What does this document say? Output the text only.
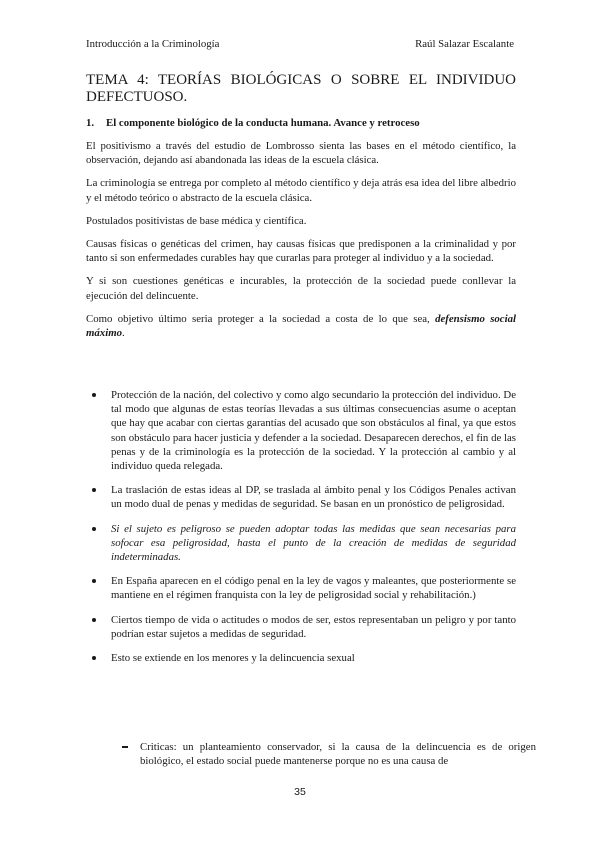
Introducción a la Criminología	Raúl Salazar Escalante
TEMA 4: TEORÍAS BIOLÓGICAS O SOBRE EL INDIVIDUO DEFECTUOSO.
1. El componente biológico de la conducta humana. Avance y retroceso

El positivismo a través del estudio de Lombrosso sienta las bases en el método científico, la observación, dejando así abandonada las ideas de la escuela clásica.

La criminología se entrega por completo al método científico y deja atrás esa idea del libre albedrio y el método teórico o abstracto de la escuela clásica.

Postulados positivistas de base médica y científica.

Causas físicas o genéticas del crimen, hay causas físicas que predisponen a la criminalidad y por tanto si son enfermedades curables hay que curarlas para proteger al individuo y a la sociedad.

Y si son cuestiones genéticas e incurables, la protección de la sociedad puede conllevar la ejecución del delincuente.

Como objetivo último seria proteger a la sociedad a costa de lo que sea, defensismo social máximo.

Protección de la nación, del colectivo y como algo secundario la protección del individuo. De tal modo que algunas de estas teorías llevadas a sus últimas consecuencias asume o aceptan que hay que acabar con ciertas garantías del acusado que son obstáculos al final, ya que estos son obstáculo para hacer justicia y defender a la sociedad. Desaparecen derechos, el fin de las penas y de la criminología es la protección de la sociedad. Y la protección al cambio y al individuo queda relegada.
La traslación de estas ideas al DP, se traslada al ámbito penal y los Códigos Penales activan un modo dual de penas y medidas de seguridad. Se basan en un pronóstico de peligrosidad.
Si el sujeto es peligroso se pueden adoptar todas las medidas que sean necesarias para sofocar esa peligrosidad, hasta el punto de la creación de medidas de seguridad indeterminadas.
En España aparecen en el código penal en la ley de vagos y maleantes, que posteriormente se mantiene en el régimen franquista con la ley de peligrosidad social y rehabilitación.)
Ciertos tiempo de vida o actitudes o modos de ser, estos representaban un peligro y por tanto podrían estar sujetos a medidas de seguridad.
Esto se extiende en los menores y la delincuencia sexual
Criticas: un planteamiento conservador, si la causa de la delincuencia es de origen biológico, el estado social puede mantenerse porque no es una causa de
35
